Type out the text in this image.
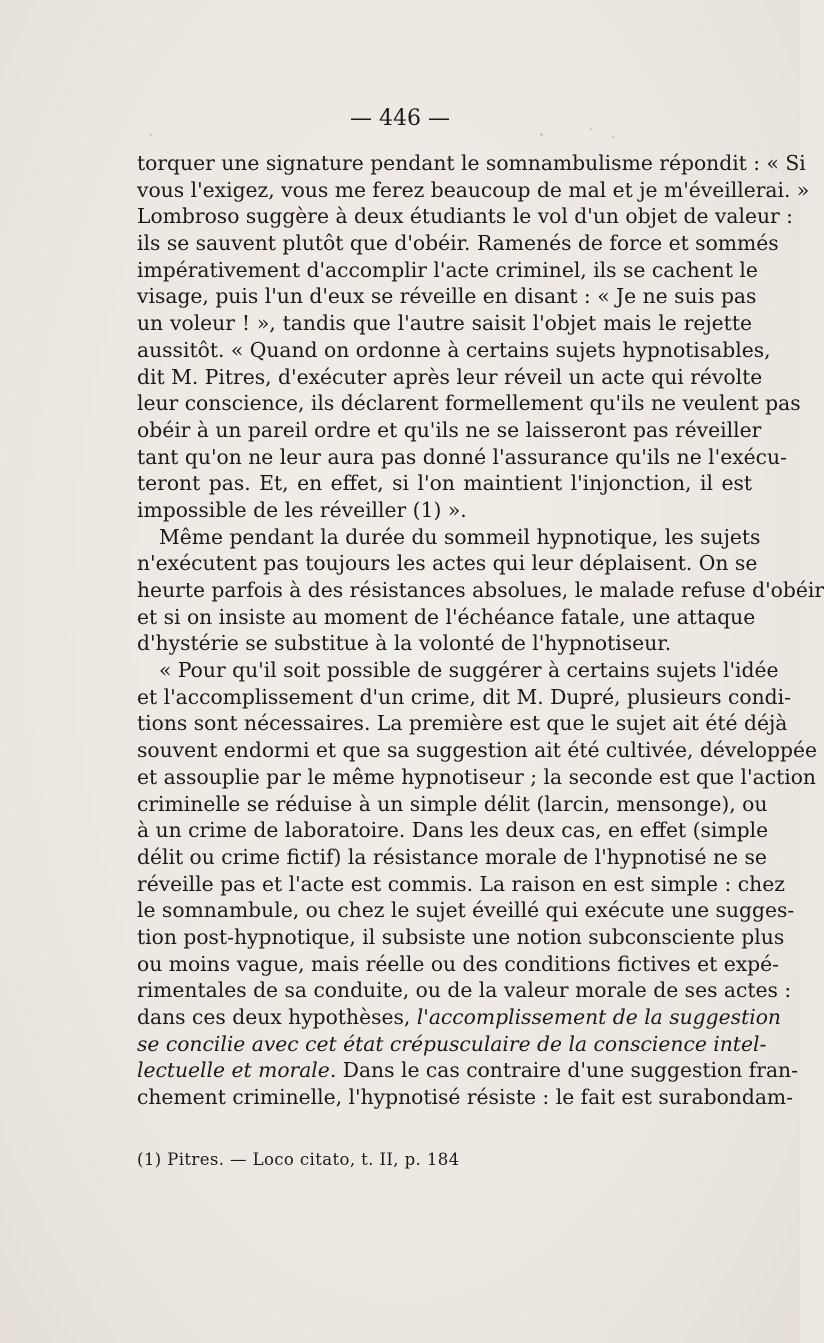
— 446 —
torquer une signature pendant le somnambulisme répondit : « Si
vous l'exigez, vous me ferez beaucoup de mal et je m'éveillerai. »
Lombroso suggère à deux étudiants le vol d'un objet de valeur :
ils se sauvent plutôt que d'obéir. Ramenés de force et sommés
impérativement d'accomplir l'acte criminel, ils se cachent le
visage, puis l'un d'eux se réveille en disant : « Je ne suis pas
un voleur ! », tandis que l'autre saisit l'objet mais le rejette
aussitôt. « Quand on ordonne à certains sujets hypnotisables,
dit M. Pitres, d'exécuter après leur réveil un acte qui révolte
leur conscience, ils déclarent formellement qu'ils ne veulent pas
obéir à un pareil ordre et qu'ils ne se laisseront pas réveiller
tant qu'on ne leur aura pas donné l'assurance qu'ils ne l'exécu-
teront pas. Et, en effet, si l'on maintient l'injonction, il est
impossible de les réveiller (1) ».
Même pendant la durée du sommeil hypnotique, les sujets
n'exécutent pas toujours les actes qui leur déplaisent. On se
heurte parfois à des résistances absolues, le malade refuse d'obéir
et si on insiste au moment de l'échéance fatale, une attaque
d'hystérie se substitue à la volonté de l'hypnotiseur.
« Pour qu'il soit possible de suggérer à certains sujets l'idée
et l'accomplissement d'un crime, dit M. Dupré, plusieurs condi-
tions sont nécessaires. La première est que le sujet ait été déjà
souvent endormi et que sa suggestion ait été cultivée, développée
et assouplie par le même hypnotiseur ; la seconde est que l'action
criminelle se réduise à un simple délit (larcin, mensonge), ou
à un crime de laboratoire. Dans les deux cas, en effet (simple
délit ou crime fictif) la résistance morale de l'hypnotisé ne se
réveille pas et l'acte est commis. La raison en est simple : chez
le somnambule, ou chez le sujet éveillé qui exécute une sugges-
tion post-hypnotique, il subsiste une notion subconsciente plus
ou moins vague, mais réelle ou des conditions fictives et expé-
rimentales de sa conduite, ou de la valeur morale de ses actes :
dans ces deux hypothèses, l'accomplissement de la suggestion
se concilie avec cet état crépusculaire de la conscience intel-
lectuelle et morale. Dans le cas contraire d'une suggestion fran-
chement criminelle, l'hypnotisé résiste : le fait est surabondam-
(1) Pitres. — Loco citato, t. II, p. 184
